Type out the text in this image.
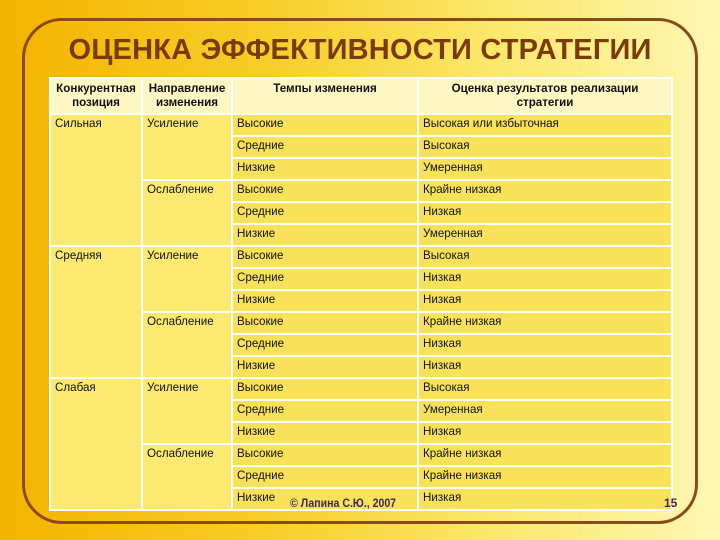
ОЦЕНКА ЭФФЕКТИВНОСТИ СТРАТЕГИИ
Конкурентная позиция	Направление изменения	Темпы изменения	Оценка результатов реализации стратегии
Сильная	Усиление	Высокие	Высокая или избыточная
		Средние	Высокая
		Низкие	Умеренная
	Ослабление	Высокие	Крайне низкая
		Средние	Низкая
		Низкие	Умеренная
Средняя	Усиление	Высокие	Высокая
		Средние	Низкая
		Низкие	Низкая
	Ослабление	Высокие	Крайне низкая
		Средние	Низкая
		Низкие	Низкая
Слабая	Усиление	Высокие	Высокая
		Средние	Умеренная
		Низкие	Низкая
	Ослабление	Высокие	Крайне низкая
		Средние	Крайне низкая
		Низкие	Низкая
© Лапина С.Ю., 2007	15
